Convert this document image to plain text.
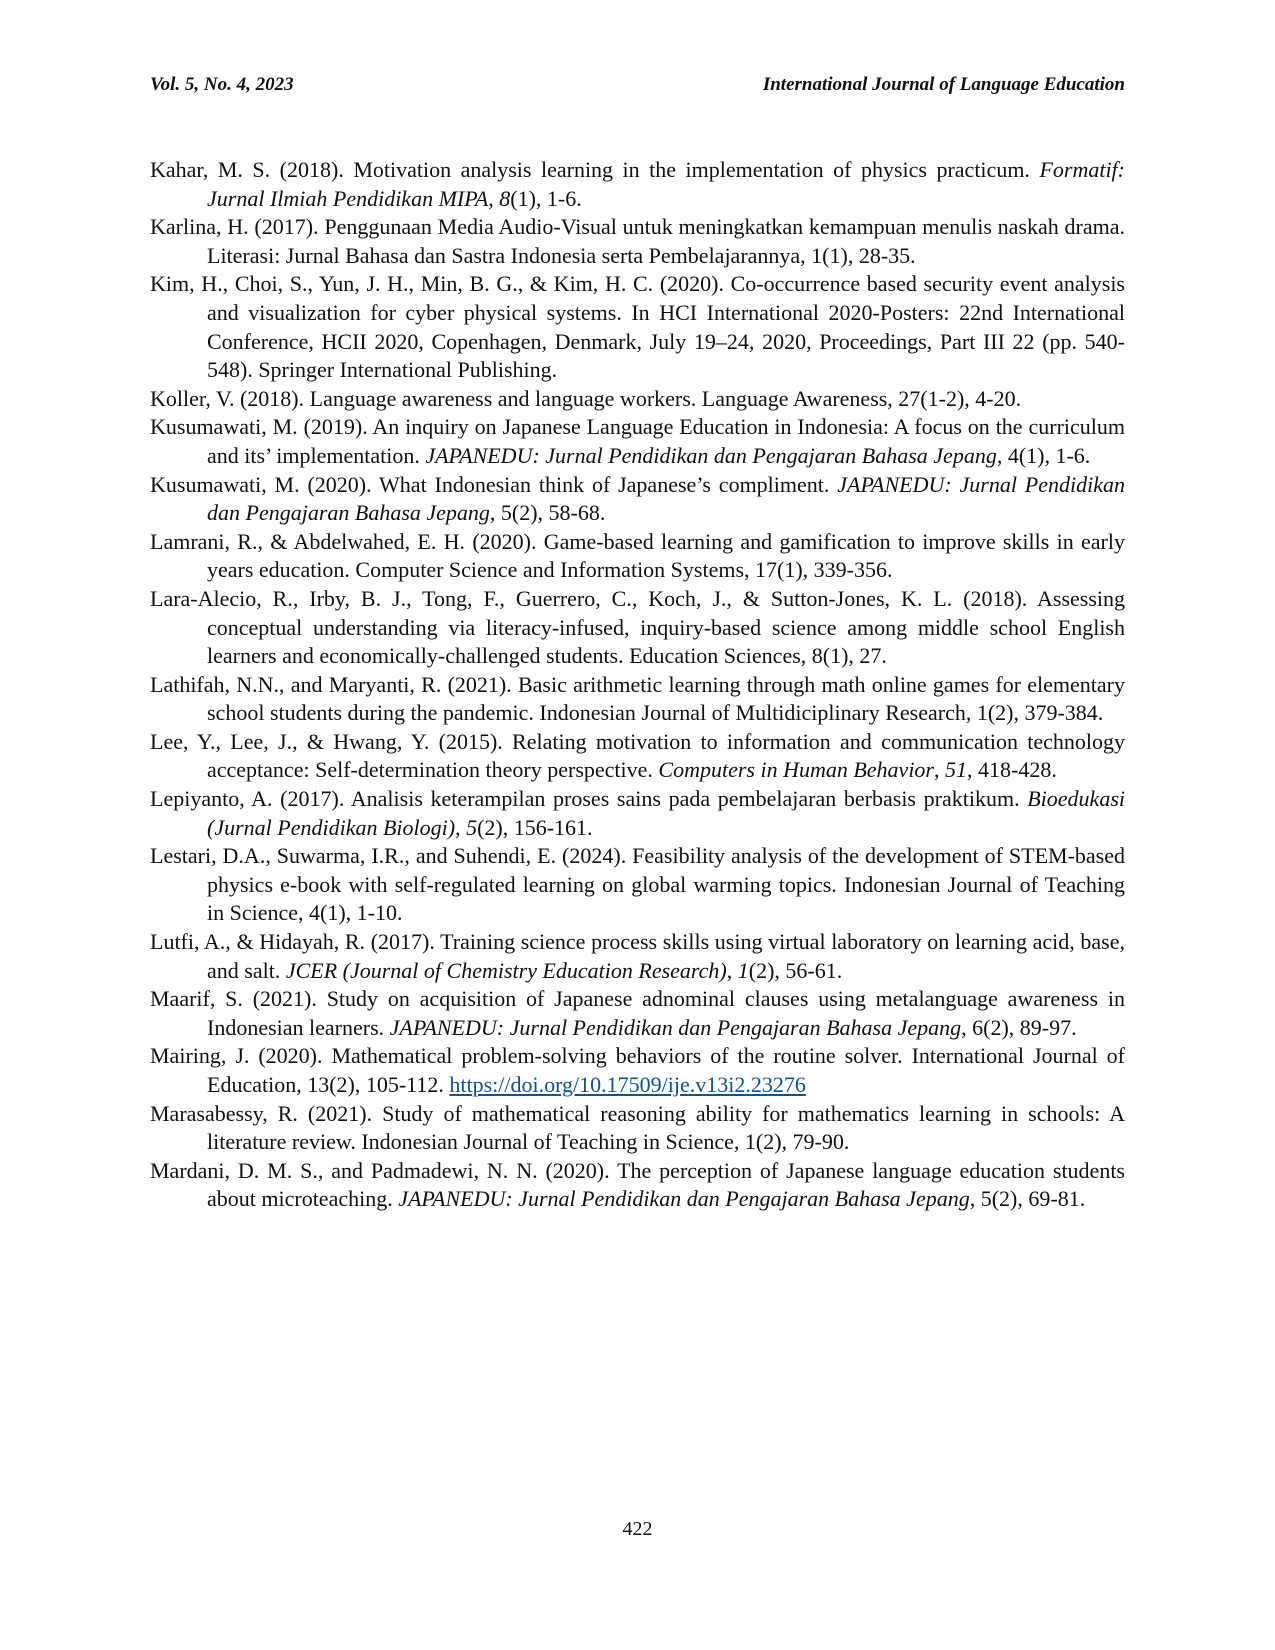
Vol. 5, No. 4, 2023	International Journal of Language Education

Kahar, M. S. (2018). Motivation analysis learning in the implementation of physics practicum. Formatif: Jurnal Ilmiah Pendidikan MIPA, 8(1), 1-6.

Karlina, H. (2017). Penggunaan Media Audio-Visual untuk meningkatkan kemampuan menulis naskah drama. Literasi: Jurnal Bahasa dan Sastra Indonesia serta Pembelajarannya, 1(1), 28-35.

Kim, H., Choi, S., Yun, J. H., Min, B. G., & Kim, H. C. (2020). Co-occurrence based security event analysis and visualization for cyber physical systems. In HCI International 2020-Posters: 22nd International Conference, HCII 2020, Copenhagen, Denmark, July 19–24, 2020, Proceedings, Part III 22 (pp. 540-548). Springer International Publishing.

Koller, V. (2018). Language awareness and language workers. Language Awareness, 27(1-2), 4-20.

Kusumawati, M. (2019). An inquiry on Japanese Language Education in Indonesia: A focus on the curriculum and its’ implementation. JAPANEDU: Jurnal Pendidikan dan Pengajaran Bahasa Jepang, 4(1), 1-6.

Kusumawati, M. (2020). What Indonesian think of Japanese’s compliment. JAPANEDU: Jurnal Pendidikan dan Pengajaran Bahasa Jepang, 5(2), 58-68.

Lamrani, R., & Abdelwahed, E. H. (2020). Game-based learning and gamification to improve skills in early years education. Computer Science and Information Systems, 17(1), 339-356.

Lara-Alecio, R., Irby, B. J., Tong, F., Guerrero, C., Koch, J., & Sutton-Jones, K. L. (2018). Assessing conceptual understanding via literacy-infused, inquiry-based science among middle school English learners and economically-challenged students. Education Sciences, 8(1), 27.

Lathifah, N.N., and Maryanti, R. (2021). Basic arithmetic learning through math online games for elementary school students during the pandemic. Indonesian Journal of Multidiciplinary Research, 1(2), 379-384.

Lee, Y., Lee, J., & Hwang, Y. (2015). Relating motivation to information and communication technology acceptance: Self-determination theory perspective. Computers in Human Behavior, 51, 418-428.

Lepiyanto, A. (2017). Analisis keterampilan proses sains pada pembelajaran berbasis praktikum. Bioedukasi (Jurnal Pendidikan Biologi), 5(2), 156-161.

Lestari, D.A., Suwarma, I.R., and Suhendi, E. (2024). Feasibility analysis of the development of STEM-based physics e-book with self-regulated learning on global warming topics. Indonesian Journal of Teaching in Science, 4(1), 1-10.

Lutfi, A., & Hidayah, R. (2017). Training science process skills using virtual laboratory on learning acid, base, and salt. JCER (Journal of Chemistry Education Research), 1(2), 56-61.

Maarif, S. (2021). Study on acquisition of Japanese adnominal clauses using metalanguage awareness in Indonesian learners. JAPANEDU: Jurnal Pendidikan dan Pengajaran Bahasa Jepang, 6(2), 89-97.

Mairing, J. (2020). Mathematical problem-solving behaviors of the routine solver. International Journal of Education, 13(2), 105-112. https://doi.org/10.17509/ije.v13i2.23276

Marasabessy, R. (2021). Study of mathematical reasoning ability for mathematics learning in schools: A literature review. Indonesian Journal of Teaching in Science, 1(2), 79-90.

Mardani, D. M. S., and Padmadewi, N. N. (2020). The perception of Japanese language education students about microteaching. JAPANEDU: Jurnal Pendidikan dan Pengajaran Bahasa Jepang, 5(2), 69-81.

422
